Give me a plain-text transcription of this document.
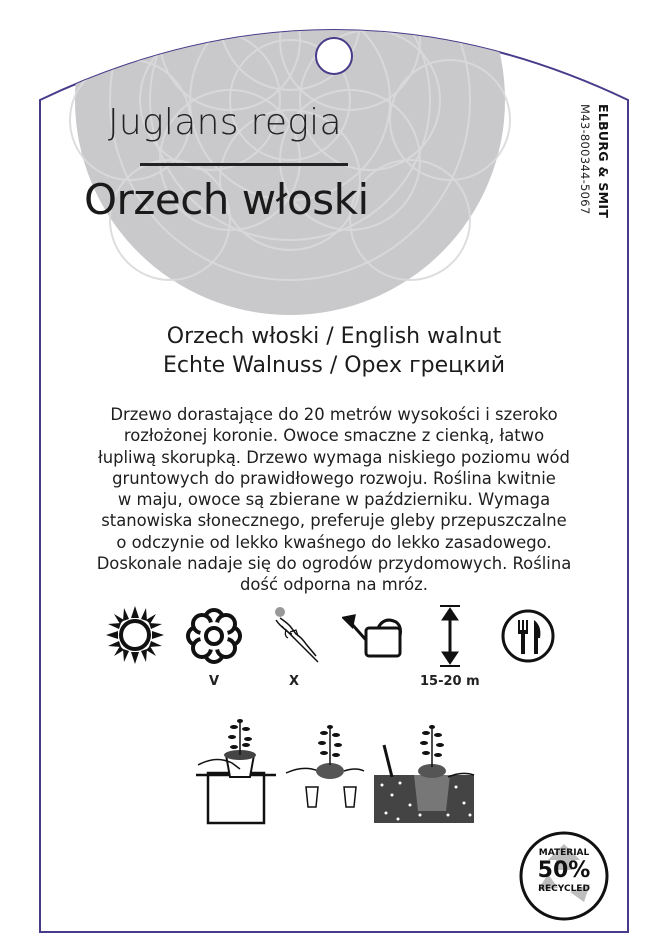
Juglans regia
Orzech włoski	ELBURG & SMIT
M43-800344-5067
Orzech włoski / English walnut
Echte Walnuss / Орех грецкий
Drzewo dorastające do 20 metrów wysokości i szeroko
rozłożonej koronie. Owoce smaczne z cienką, łatwo
łupliwą skorupką. Drzewo wymaga niskiego poziomu wód
gruntowych do prawidłowego rozwoju. Roślina kwitnie
w maju, owoce są zbierane w październiku. Wymaga
stanowiska słonecznego, preferuje gleby przepuszczalne
o odczynie od lekko kwaśnego do lekko zasadowego.
Doskonale nadaje się do ogrodów przydomowych. Roślina
dość odporna na mróz.
V	X	15-20 m
MATERIAL
50%
RECYCLED
